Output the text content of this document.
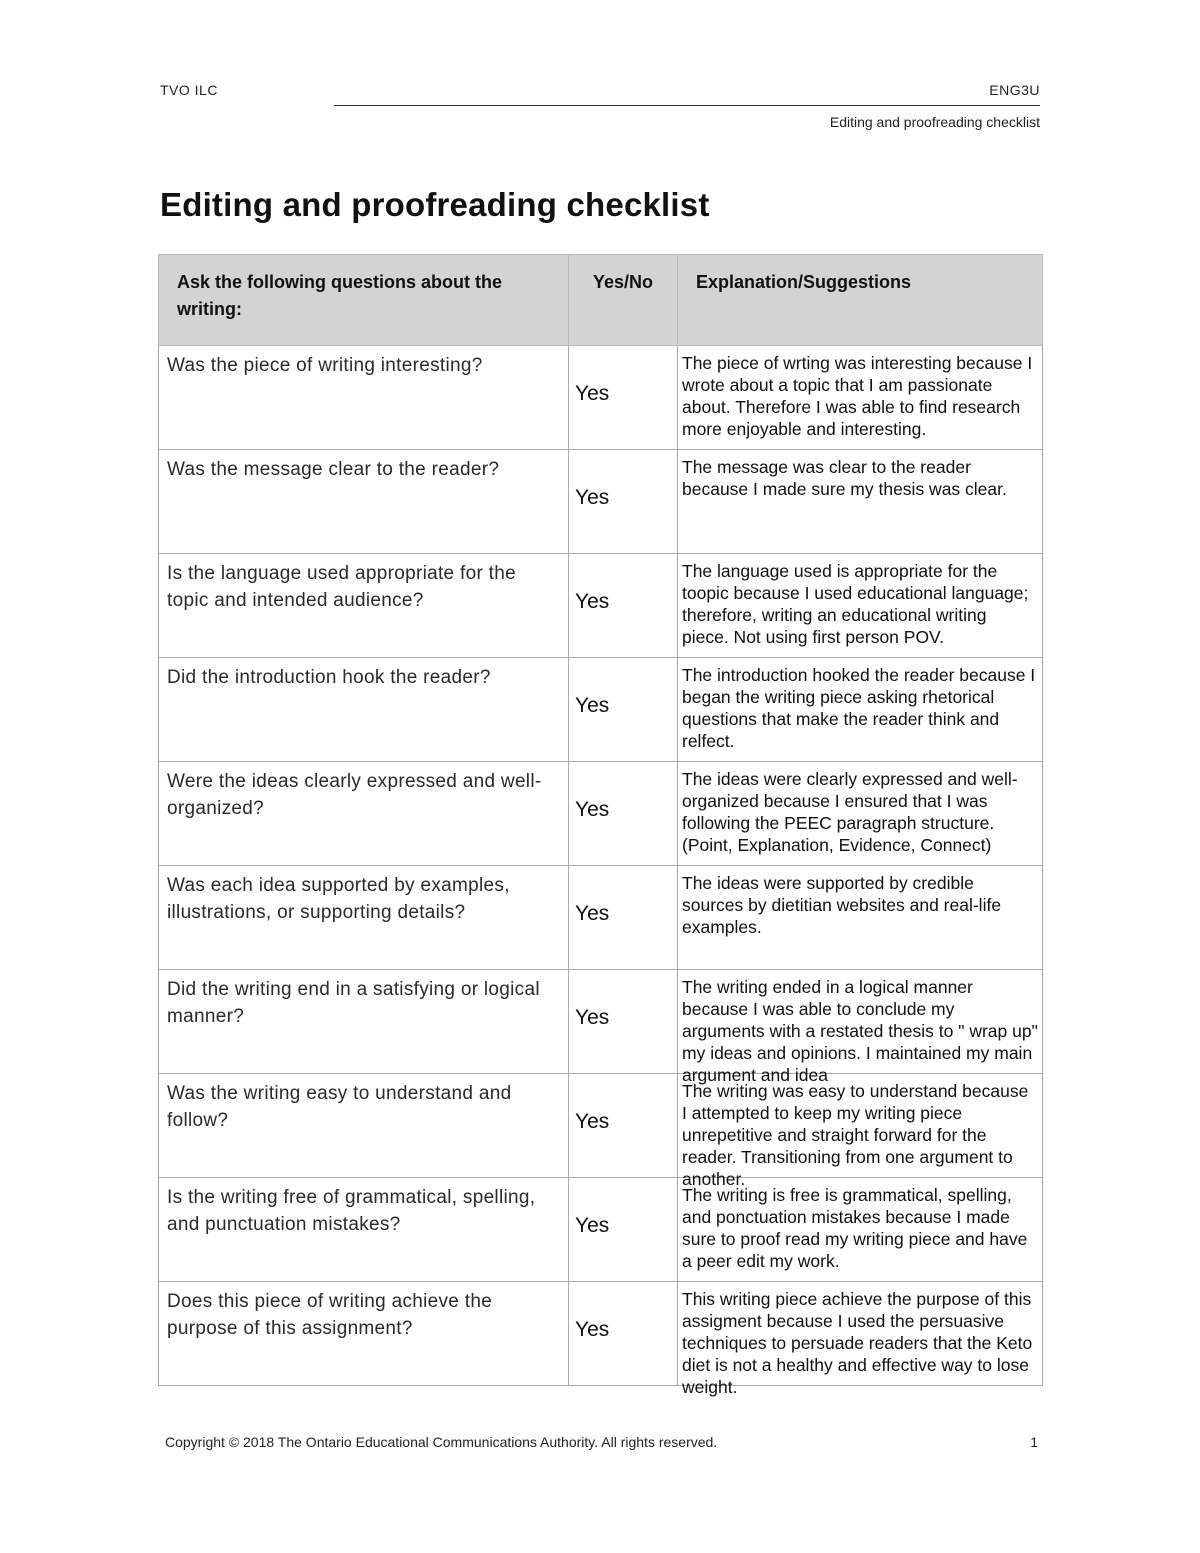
TVO ILC	ENG3U
Editing and proofreading checklist
Editing and proofreading checklist
Ask the following questions about the writing:	Yes/No	Explanation/Suggestions

Was the piece of writing interesting?	Yes	The piece of wrting was interesting because I wrote about a topic that I am passionate about. Therefore I was able to find research more enjoyable and interesting.

Was the message clear to the reader?	Yes	The message was clear to the reader because I made sure my thesis was clear.

Is the language used appropriate for the topic and intended audience?	Yes	The language used is appropriate for the toopic because I used educational language; therefore, writing an educational writing piece. Not using first person POV.

Did the introduction hook the reader?	Yes	The introduction hooked the reader because I began the writing piece asking rhetorical questions that make the reader think and relfect.

Were the ideas clearly expressed and well-organized?	Yes	The ideas were clearly expressed and well-organized because I ensured that I was following the PEEC paragraph structure. (Point, Explanation, Evidence, Connect)

Was each idea supported by examples, illustrations, or supporting details?	Yes	The ideas were supported by credible sources by dietitian websites and real-life examples.

Did the writing end in a satisfying or logical manner?	Yes	The writing ended in a logical manner because I was able to conclude my arguments with a restated thesis to " wrap up" my ideas and opinions. I maintained my main argument and idea

Was the writing easy to understand and follow?	Yes	The writing was easy to understand because I attempted to keep my writing piece unrepetitive and straight forward for the reader. Transitioning from one argument to another.

Is the writing free of grammatical, spelling, and punctuation mistakes?	Yes	The writing is free is grammatical, spelling, and ponctuation mistakes because I made sure to proof read my writing piece and have a peer edit my work.

Does this piece of writing achieve the purpose of this assignment?	Yes	This writing piece achieve the purpose of this assigment because I used the persuasive techniques to persuade readers that the Keto diet is not a healthy and effective way to lose weight.
Copyright © 2018 The Ontario Educational Communications Authority. All rights reserved.	1
